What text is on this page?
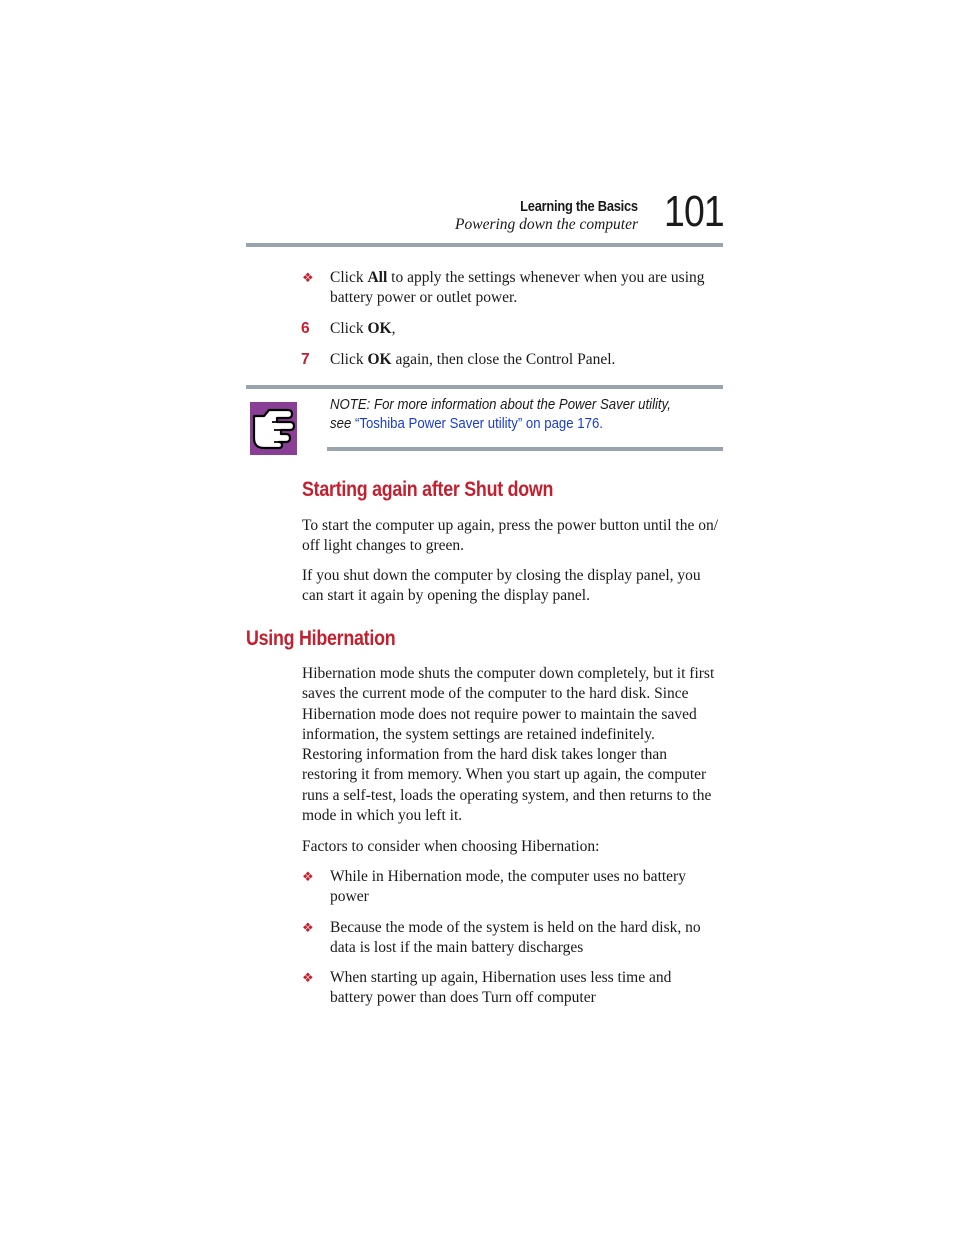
Learning the Basics
Powering down the computer 101
❖ Click All to apply the settings whenever when you are using
battery power or outlet power.
6 Click OK,
7 Click OK again, then close the Control Panel.
NOTE: For more information about the Power Saver utility,
see “Toshiba Power Saver utility” on page 176.
Starting again after Shut down
To start the computer up again, press the power button until the on/
off light changes to green.
If you shut down the computer by closing the display panel, you
can start it again by opening the display panel.
Using Hibernation
Hibernation mode shuts the computer down completely, but it first
saves the current mode of the computer to the hard disk. Since
Hibernation mode does not require power to maintain the saved
information, the system settings are retained indefinitely.
Restoring information from the hard disk takes longer than
restoring it from memory. When you start up again, the computer
runs a self-test, loads the operating system, and then returns to the
mode in which you left it.
Factors to consider when choosing Hibernation:
❖ While in Hibernation mode, the computer uses no battery
power
❖ Because the mode of the system is held on the hard disk, no
data is lost if the main battery discharges
❖ When starting up again, Hibernation uses less time and
battery power than does Turn off computer
